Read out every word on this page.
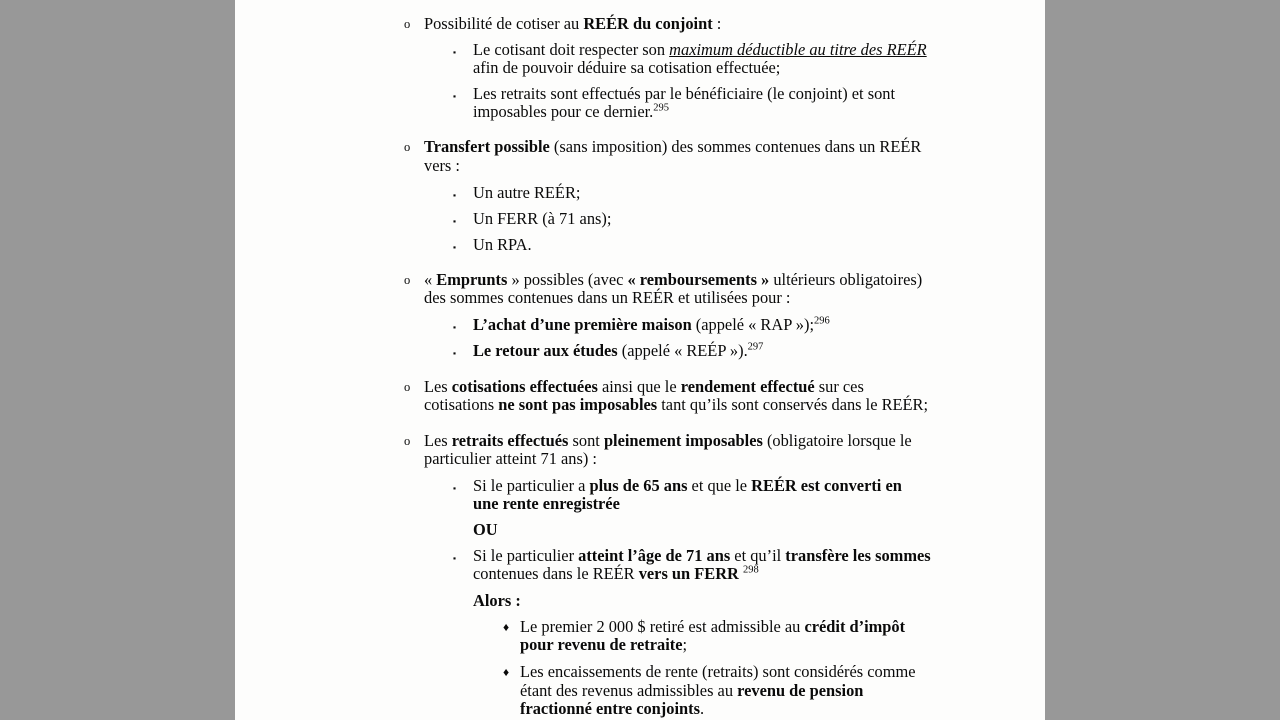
o Possibilité de cotiser au REÉR du conjoint :
▪ Le cotisant doit respecter son maximum déductible au titre des REÉR afin de pouvoir déduire sa cotisation effectuée;
▪ Les retraits sont effectués par le bénéficiaire (le conjoint) et sont imposables pour ce dernier.$^{295}$
o Transfert possible (sans imposition) des sommes contenues dans un REÉR vers :
▪ Un autre REÉR;
▪ Un FERR (à 71 ans);
▪ Un RPA.
o « Emprunts » possibles (avec « remboursements » ultérieurs obligatoires) des sommes contenues dans un REÉR et utilisées pour :
▪ L’achat d’une première maison (appelé « RAP »);$^{296}$
▪ Le retour aux études (appelé « REÉP »).$^{297}$
o Les cotisations effectuées ainsi que le rendement effectué sur ces cotisations ne sont pas imposables tant qu’ils sont conservés dans le REÉR;
o Les retraits effectués sont pleinement imposables (obligatoire lorsque le particulier atteint 71 ans) :
▪ Si le particulier a plus de 65 ans et que le REÉR est converti en une rente enregistrée
OU
▪ Si le particulier atteint l’âge de 71 ans et qu’il transfère les sommes contenues dans le REÉR vers un FERR $^{298}$
Alors :
♦ Le premier 2 000 $ retiré est admissible au crédit d’impôt pour revenu de retraite;
♦ Les encaissements de rente (retraits) sont considérés comme étant des revenus admissibles au revenu de pension fractionné entre conjoints.
